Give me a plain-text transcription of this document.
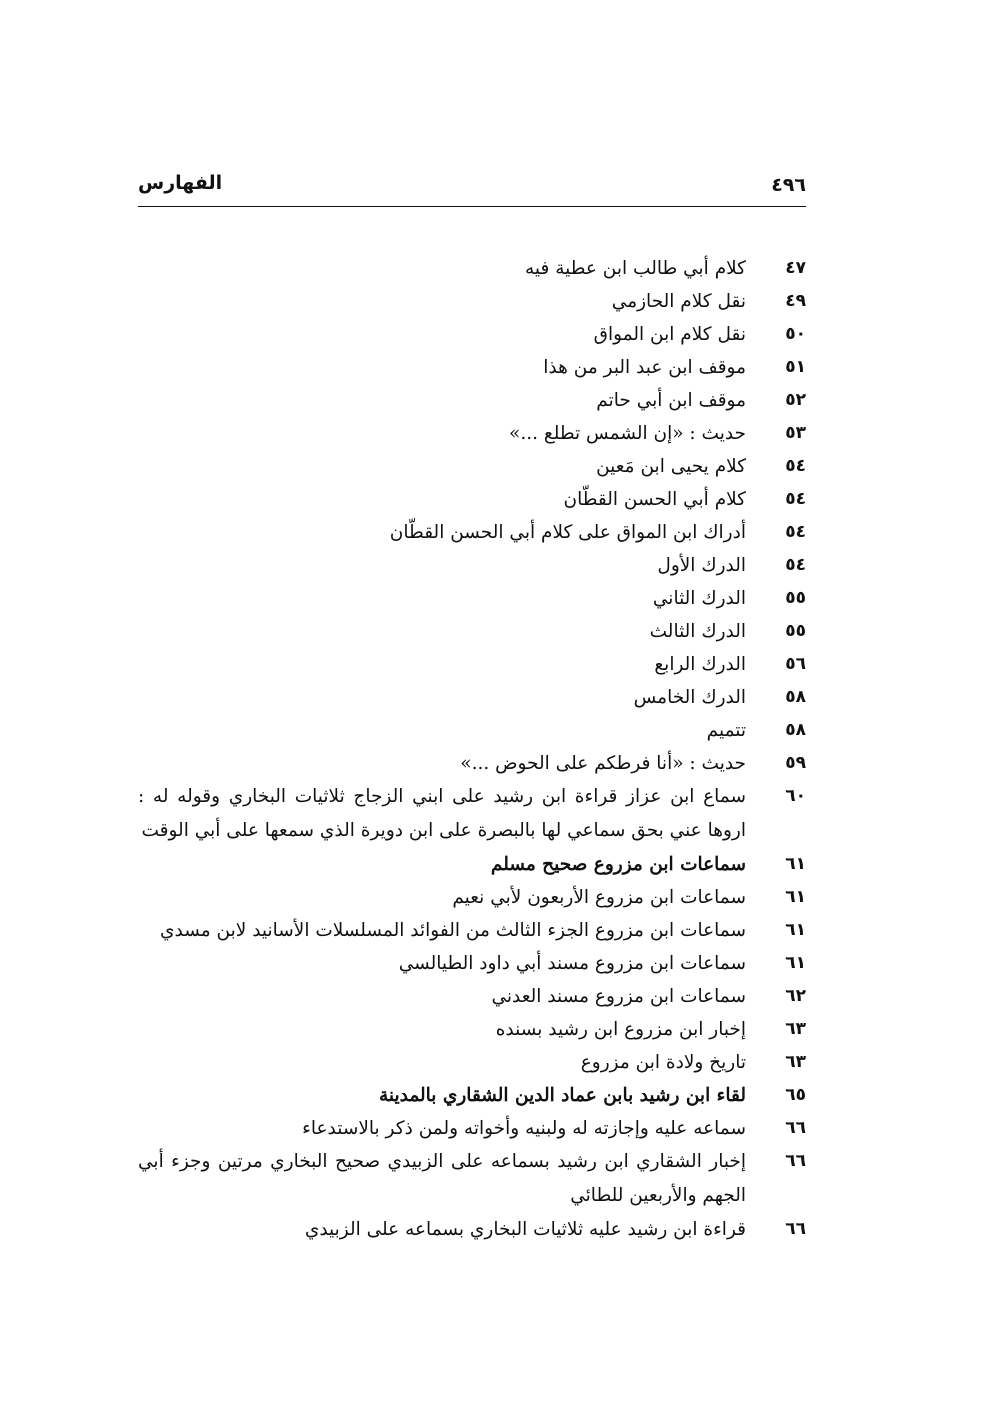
٤٩٦
الفهارس
٤٧
كلام أبي طالب ابن عطية فيه
٤٩
نقل كلام الحازمي
٥٠
نقل كلام ابن المواق
٥١
موقف ابن عبد البر من هذا
٥٢
موقف ابن أبي حاتم
٥٣
حديث : «إن الشمس تطلع ...»
٥٤
كلام يحيى ابن مَعين
٥٤
كلام أبي الحسن القطّان
٥٤
أدراك ابن المواق على كلام أبي الحسن القطّان
٥٤
الدرك الأول
٥٥
الدرك الثاني
٥٥
الدرك الثالث
٥٦
الدرك الرابع
٥٨
الدرك الخامس
٥٨
تتميم
٥٩
حديث : «أنا فرطكم على الحوض ...»
٦٠
سماع ابن عزاز قراءة ابن رشيد على ابني الزجاج ثلاثيات البخاري وقوله له : اروها عني بحق سماعي لها بالبصرة على ابن دويرة الذي سمعها على أبي الوقت
٦١
سماعات ابن مزروع صحيح مسلم
٦١
سماعات ابن مزروع الأربعون لأبي نعيم
٦١
سماعات ابن مزروع الجزء الثالث من الفوائد المسلسلات الأسانيد لابن مسدي
٦١
سماعات ابن مزروع مسند أبي داود الطيالسي
٦٢
سماعات ابن مزروع مسند العدني
٦٣
إخبار ابن مزروع ابن رشيد بسنده
٦٣
تاريخ ولادة ابن مزروع
٦٥
لقاء ابن رشيد بابن عماد الدين الشقاري بالمدينة
٦٦
سماعه عليه وإجازته له ولبنيه وأخواته ولمن ذكر بالاستدعاء
٦٦
إخبار الشقاري ابن رشيد بسماعه على الزبيدي صحيح البخاري مرتين وجزء أبي الجهم والأربعين للطائي
٦٦
قراءة ابن رشيد عليه ثلاثيات البخاري بسماعه على الزبيدي
